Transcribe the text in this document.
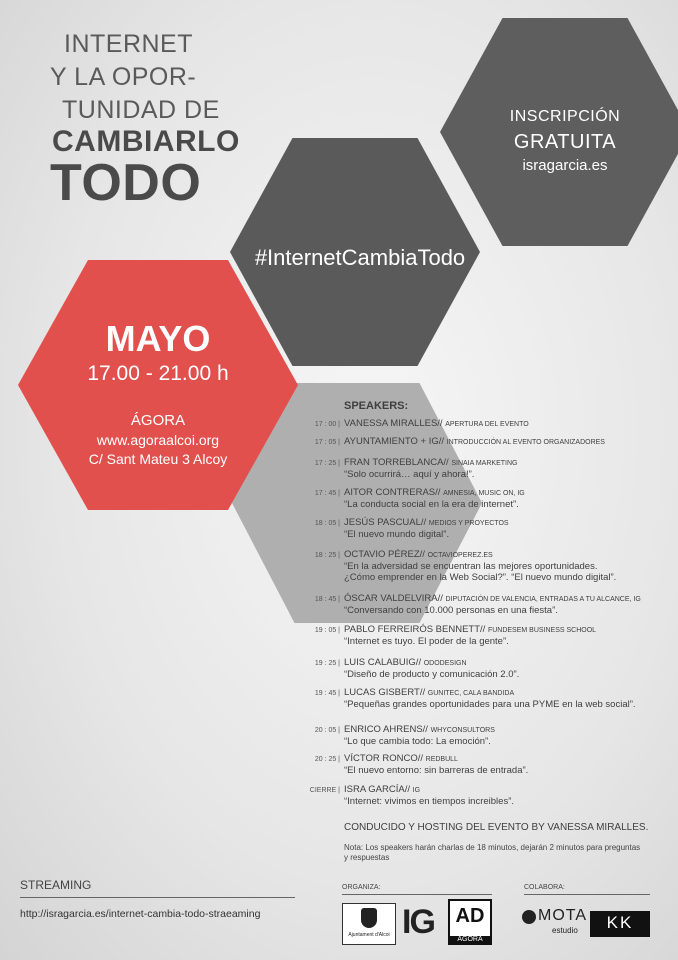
INTERNET
Y LA OPOR-
TUNIDAD DE
CAMBIARLO
TODO
INSCRIPCIÓN
GRATUITA
isragarcia.es
#InternetCambiaTodo
MAYO
17.00 - 21.00 h
ÁGORA
www.agoraalcoi.org
C/ Sant Mateu 3 Alcoy
SPEAKERS:
17 : 00 | VANESSA MIRALLES// APERTURA DEL EVENTO
17 : 05 | AYUNTAMIENTO + IG// INTRODUCCIÓN AL EVENTO ORGANIZADORES
17 : 25 | FRAN TORREBLANCA// SINAIA MARKETING
“Solo ocurrirá… aquí y ahora!”.
17 : 45 | AITOR CONTRERAS// AMNESIA, MUSIC ON, IG
“La conducta social en la era de internet”.
18 : 05 | JESÚS PASCUAL// MEDIOS Y PROYECTOS
“El nuevo mundo digital”.
18 : 25 | OCTAVIO PÉREZ// OCTAVIOPEREZ.ES
“En la adversidad se encuentran las mejores oportunidades.
¿Cómo emprender en la Web Social?”. “El nuevo mundo digital”.
18 : 45 | ÓSCAR VALDELVIRA// DIPUTACIÓN DE VALENCIA, ENTRADAS A TU ALCANCE, IG
“Conversando con 10.000 personas en una fiesta”.
19 : 05 | PABLO FERREIRÓS BENNETT// FUNDESEM BUSINESS SCHOOL
“Internet es tuyo. El poder de la gente”.
19 : 25 | LUIS CALABUIG// ODODESIGN
“Diseño de producto y comunicación 2.0”.
19 : 45 | LUCAS GISBERT// GUNITEC, CALA BANDIDA
“Pequeñas grandes oportunidades para una PYME en la web social”.
20 : 05 | ENRICO AHRENS// WHYCONSULTORS
“Lo que cambia todo: La emoción”.
20 : 25 | VÍCTOR RONCO// REDBULL
“El nuevo entorno: sin barreras de entrada”.
CIERRE | ISRA GARCÍA// IG
“Internet: vivimos en tiempos increibles”.
CONDUCIDO Y HOSTING DEL EVENTO BY VANESSA MIRALLES.
Nota: Los speakers harán charlas de 18 minutos, dejarán 2 minutos para preguntas y respuestas
STREAMING
http://isragarcia.es/internet-cambia-todo-straeaming
ORGANIZA:	COLABORA:
Ajuntament d'Alcoi IG AD
ÀGORA
MOTA
estudio	KK
